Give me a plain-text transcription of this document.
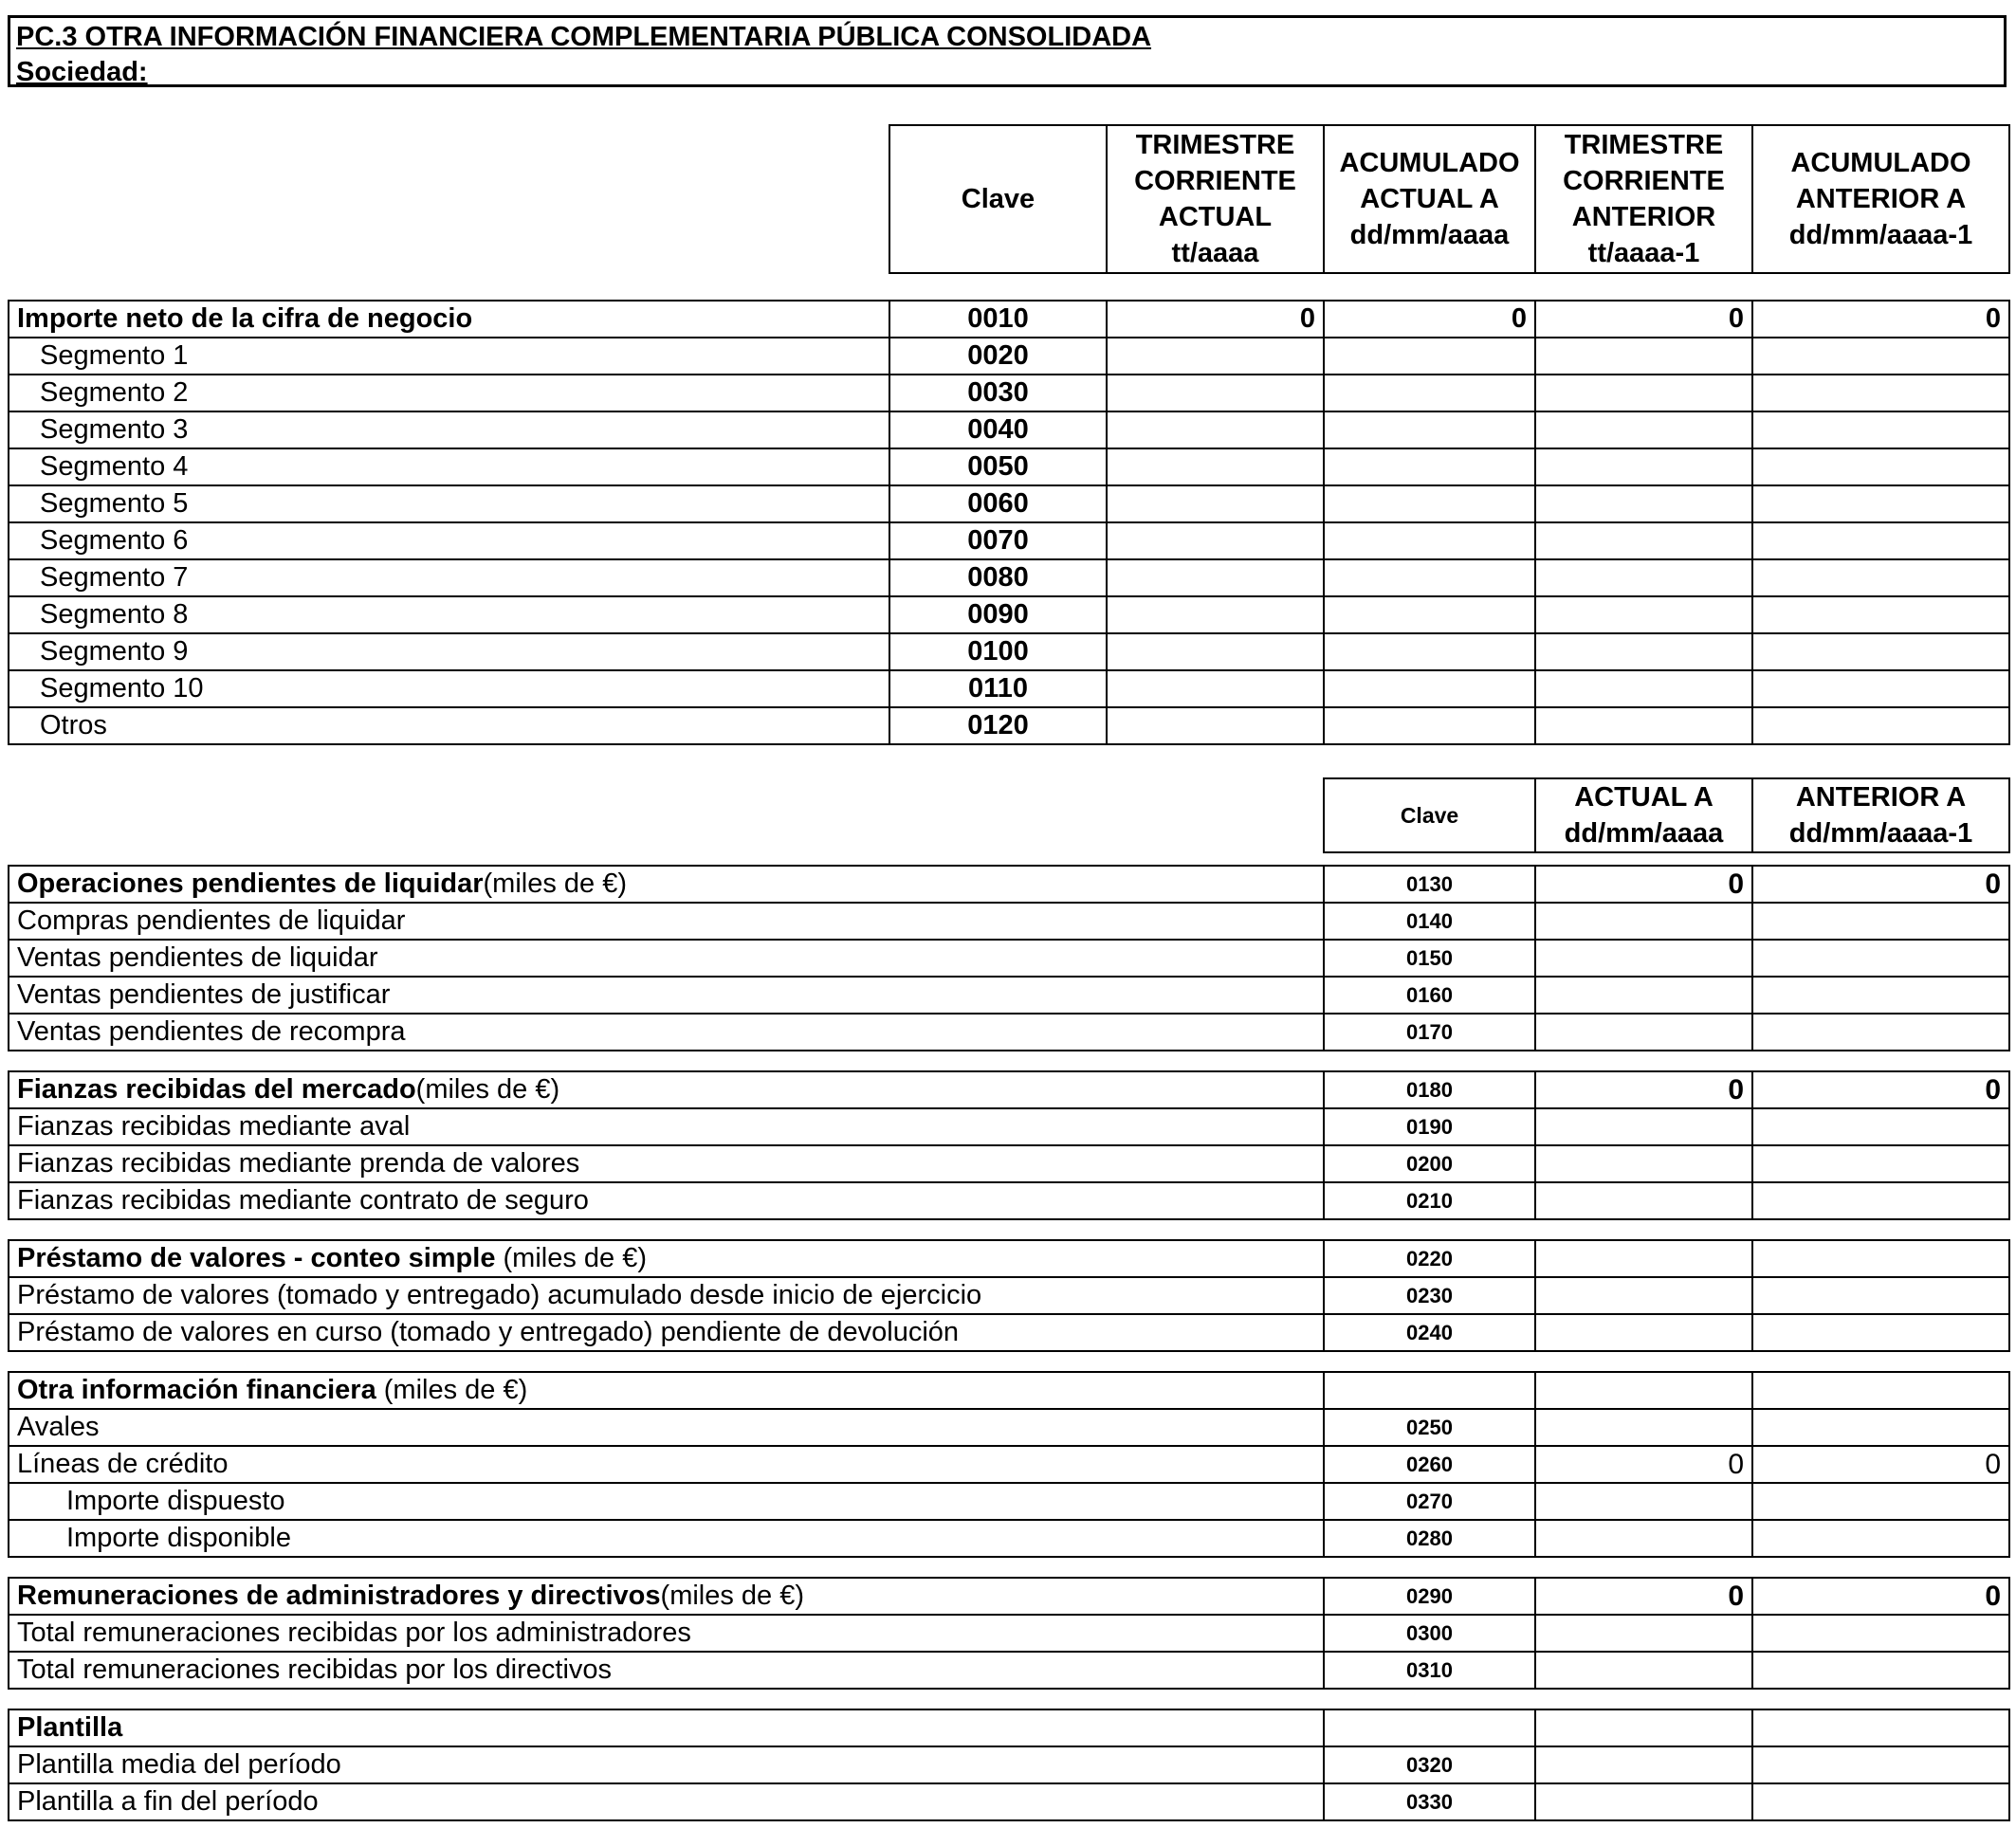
PC.3 OTRA INFORMACIÓN FINANCIERA COMPLEMENTARIA PÚBLICA CONSOLIDADA
Sociedad:
	Clave	TRIMESTRE CORRIENTE ACTUAL tt/aaaa	ACUMULADO ACTUAL A dd/mm/aaaa	TRIMESTRE CORRIENTE ANTERIOR tt/aaaa-1	ACUMULADO ANTERIOR A dd/mm/aaaa-1

Importe neto de la cifra de negocio	0010	0	0	0	0
Segmento 1	0020				
Segmento 2	0030				
Segmento 3	0040				
Segmento 4	0050				
Segmento 5	0060				
Segmento 6	0070				
Segmento 7	0080				
Segmento 8	0090				
Segmento 9	0100				
Segmento 10	0110				
Otros	0120				
	Clave	ACTUAL A dd/mm/aaaa	ANTERIOR A dd/mm/aaaa-1

Operaciones pendientes de liquidar(miles de €)	0130	0	0
Compras pendientes de liquidar	0140		
Ventas pendientes de liquidar	0150		
Ventas pendientes de justificar	0160		
Ventas pendientes de recompra	0170		

Fianzas recibidas del mercado(miles de €)	0180	0	0
Fianzas recibidas mediante aval	0190		
Fianzas recibidas mediante prenda de valores	0200		
Fianzas recibidas mediante contrato de seguro	0210		

Préstamo de valores - conteo simple (miles de €)	0220		
Préstamo de valores (tomado y entregado) acumulado desde inicio de ejercicio	0230		
Préstamo de valores en curso (tomado y entregado) pendiente de devolución	0240		

Otra información financiera (miles de €)			
Avales	0250		
Líneas de crédito	0260	0	0
Importe dispuesto	0270		
Importe disponible	0280		

Remuneraciones de administradores y directivos(miles de €)	0290	0	0
Total remuneraciones recibidas por los administradores	0300		
Total remuneraciones recibidas por los directivos	0310		

Plantilla			
Plantilla media del período	0320		
Plantilla a fin del período	0330		
